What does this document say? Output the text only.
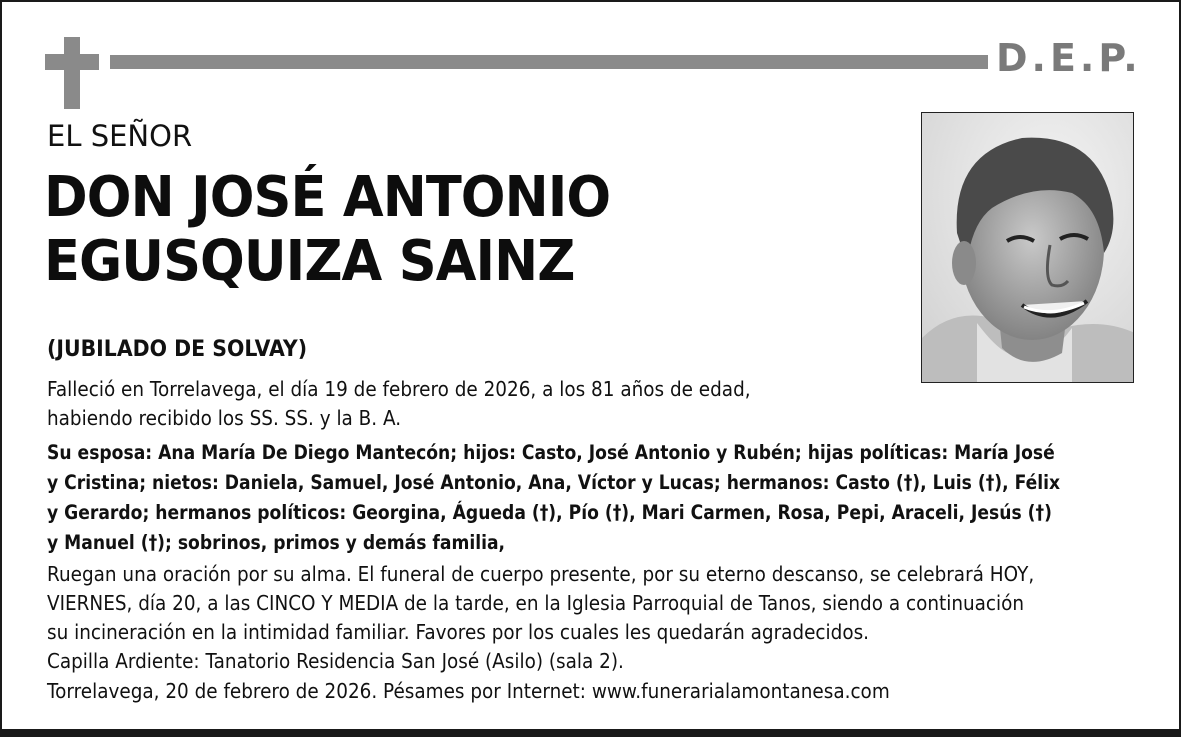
D.E.P.
EL SEÑOR
DON JOSÉ ANTONIO
EGUSQUIZA SAINZ
(JUBILADO DE SOLVAY)
Falleció en Torrelavega, el día 19 de febrero de 2026, a los 81 años de edad,
habiendo recibido los SS. SS. y la B. A.
Su esposa: Ana María De Diego Mantecón; hijos: Casto, José Antonio y Rubén; hijas políticas: María José
y Cristina; nietos: Daniela, Samuel, José Antonio, Ana, Víctor y Lucas; hermanos: Casto (†), Luis (†), Félix
y Gerardo; hermanos políticos: Georgina, Águeda (†), Pío (†), Mari Carmen, Rosa, Pepi, Araceli, Jesús (†)
y Manuel (†); sobrinos, primos y demás familia,
Ruegan una oración por su alma. El funeral de cuerpo presente, por su eterno descanso, se celebrará HOY,
VIERNES, día 20, a las CINCO Y MEDIA de la tarde, en la Iglesia Parroquial de Tanos, siendo a continuación
su incineración en la intimidad familiar. Favores por los cuales les quedarán agradecidos.
Capilla Ardiente: Tanatorio Residencia San José (Asilo) (sala 2).
Torrelavega, 20 de febrero de 2026. Pésames por Internet: www.funerarialamontanesa.com
